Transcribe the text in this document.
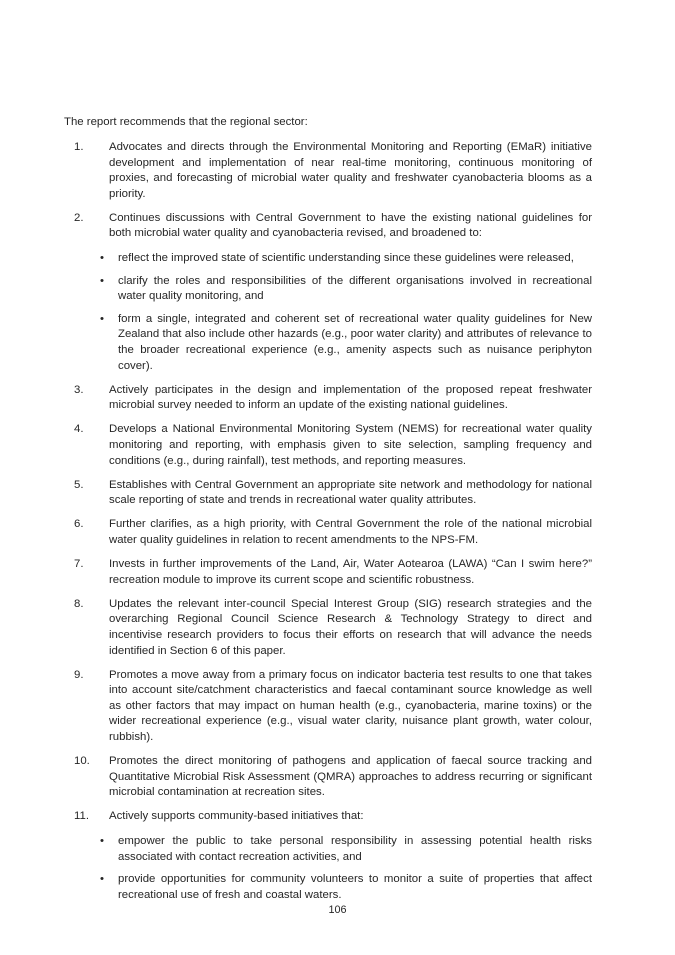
The report recommends that the regional sector:

1. Advocates and directs through the Environmental Monitoring and Reporting (EMaR) initiative development and implementation of near real-time monitoring, continuous monitoring of proxies, and forecasting of microbial water quality and freshwater cyanobacteria blooms as a priority.
2. Continues discussions with Central Government to have the existing national guidelines for both microbial water quality and cyanobacteria revised, and broadened to:
• reflect the improved state of scientific understanding since these guidelines were released,
• clarify the roles and responsibilities of the different organisations involved in recreational water quality monitoring, and
• form a single, integrated and coherent set of recreational water quality guidelines for New Zealand that also include other hazards (e.g., poor water clarity) and attributes of relevance to the broader recreational experience (e.g., amenity aspects such as nuisance periphyton cover).
3. Actively participates in the design and implementation of the proposed repeat freshwater microbial survey needed to inform an update of the existing national guidelines.
4. Develops a National Environmental Monitoring System (NEMS) for recreational water quality monitoring and reporting, with emphasis given to site selection, sampling frequency and conditions (e.g., during rainfall), test methods, and reporting measures.
5. Establishes with Central Government an appropriate site network and methodology for national scale reporting of state and trends in recreational water quality attributes.
6. Further clarifies, as a high priority, with Central Government the role of the national microbial water quality guidelines in relation to recent amendments to the NPS-FM.
7. Invests in further improvements of the Land, Air, Water Aotearoa (LAWA) “Can I swim here?” recreation module to improve its current scope and scientific robustness.
8. Updates the relevant inter-council Special Interest Group (SIG) research strategies and the overarching Regional Council Science Research & Technology Strategy to direct and incentivise research providers to focus their efforts on research that will advance the needs identified in Section 6 of this paper.
9. Promotes a move away from a primary focus on indicator bacteria test results to one that takes into account site/catchment characteristics and faecal contaminant source knowledge as well as other factors that may impact on human health (e.g., cyanobacteria, marine toxins) or the wider recreational experience (e.g., visual water clarity, nuisance plant growth, water colour, rubbish).
10. Promotes the direct monitoring of pathogens and application of faecal source tracking and Quantitative Microbial Risk Assessment (QMRA) approaches to address recurring or significant microbial contamination at recreation sites.
11. Actively supports community-based initiatives that:
• empower the public to take personal responsibility in assessing potential health risks associated with contact recreation activities, and
• provide opportunities for community volunteers to monitor a suite of properties that affect recreational use of fresh and coastal waters.
106
